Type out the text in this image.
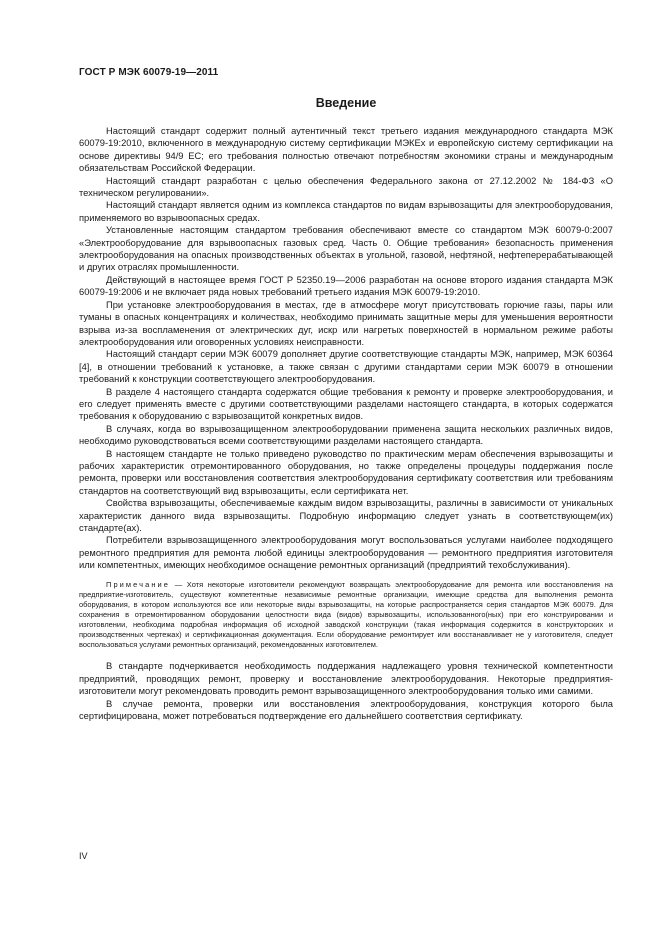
ГОСТ Р МЭК 60079-19—2011
Введение

Настоящий стандарт содержит полный аутентичный текст третьего издания международного стандарта МЭК 60079-19:2010, включенного в международную систему сертификации МЭКЕх и европейскую систему сертификации на основе директивы 94/9 ЕС; его требования полностью отвечают потребностям экономики страны и международным обязательствам Российской Федерации.

Настоящий стандарт разработан с целью обеспечения Федерального закона от 27.12.2002 № 184-ФЗ «О техническом регулировании».

Настоящий стандарт является одним из комплекса стандартов по видам взрывозащиты для электрооборудования, применяемого во взрывоопасных средах.

Установленные настоящим стандартом требования обеспечивают вместе со стандартом МЭК 60079-0:2007 «Электрооборудование для взрывоопасных газовых сред. Часть 0. Общие требования» безопасность применения электрооборудования на опасных производственных объектах в угольной, газовой, нефтяной, нефтеперерабатывающей и других отраслях промышленности.

Действующий в настоящее время ГОСТ Р 52350.19—2006 разработан на основе второго издания стандарта МЭК 60079-19:2006 и не включает ряда новых требований третьего издания МЭК 60079-19:2010.

При установке электрооборудования в местах, где в атмосфере могут присутствовать горючие газы, пары или туманы в опасных концентрациях и количествах, необходимо принимать защитные меры для уменьшения вероятности взрыва из-за воспламенения от электрических дуг, искр или нагретых поверхностей в нормальном режиме работы электрооборудования или оговоренных условиях неисправности.

Настоящий стандарт серии МЭК 60079 дополняет другие соответствующие стандарты МЭК, например, МЭК 60364 [4], в отношении требований к установке, а также связан с другими стандартами серии МЭК 60079 в отношении требований к конструкции соответствующего электрооборудования.

В разделе 4 настоящего стандарта содержатся общие требования к ремонту и проверке электрооборудования, и его следует применять вместе с другими соответствующими разделами настоящего стандарта, в которых содержатся требования к оборудованию с взрывозащитой конкретных видов.

В случаях, когда во взрывозащищенном электрооборудовании применена защита нескольких различных видов, необходимо руководствоваться всеми соответствующими разделами настоящего стандарта.

В настоящем стандарте не только приведено руководство по практическим мерам обеспечения взрывозащиты и рабочих характеристик отремонтированного оборудования, но также определены процедуры поддержания после ремонта, проверки или восстановления соответствия электрооборудования сертификату соответствия или требованиям стандартов на соответствующий вид взрывозащиты, если сертификата нет.

Свойства взрывозащиты, обеспечиваемые каждым видом взрывозащиты, различны в зависимости от уникальных характеристик данного вида взрывозащиты. Подробную информацию следует узнать в соответствующем(их) стандарте(ах).

Потребители взрывозащищенного электрооборудования могут воспользоваться услугами наиболее подходящего ремонтного предприятия для ремонта любой единицы электрооборудования — ремонтного предприятия изготовителя или компетентных, имеющих необходимое оснащение ремонтных организаций (предприятий техобслуживания).

Примечание — Хотя некоторые изготовители рекомендуют возвращать электрооборудование для ремонта или восстановления на предприятие-изготовитель, существуют компетентные независимые ремонтные организации, имеющие средства для выполнения ремонта оборудования, в котором используются все или некоторые виды взрывозащиты, на которые распространяется серия стандартов МЭК 60079. Для сохранения в отремонтированном оборудовании целостности вида (видов) взрывозащиты, использованного(ных) при его конструировании и изготовлении, необходима подробная информация об исходной заводской конструкции (такая информация содержится в конструкторских и производственных чертежах) и сертификационная документация. Если оборудование ремонтирует или восстанавливает не у изготовителя, следует воспользоваться услугами ремонтных организаций, рекомендованных изготовителем.

В стандарте подчеркивается необходимость поддержания надлежащего уровня технической компетентности предприятий, проводящих ремонт, проверку и восстановление электрооборудования. Некоторые предприятия-изготовители могут рекомендовать проводить ремонт взрывозащищенного электрооборудования только ими самими.

В случае ремонта, проверки или восстановления электрооборудования, конструкция которого была сертифицирована, может потребоваться подтверждение его дальнейшего соответствия сертификату.

IV
